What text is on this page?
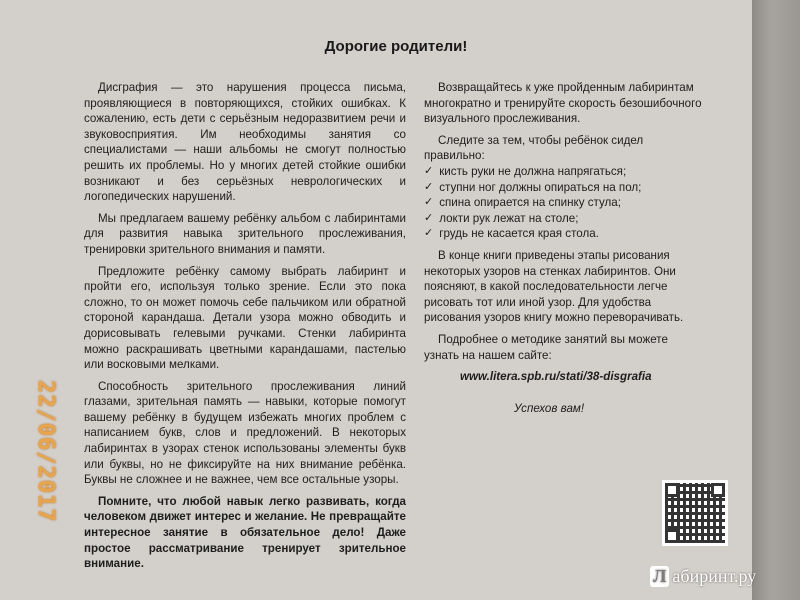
Дорогие родители!

Дисграфия — это нарушения процесса письма, проявляющиеся в повторяющихся, стойких ошибках. К сожалению, есть дети с серьёзным недоразвитием речи и звуковосприятия. Им необходимы занятия со специалистами — наши альбомы не смогут полностью решить их проблемы. Но у многих детей стойкие ошибки возникают и без серьёзных неврологических и логопедических нарушений.

Мы предлагаем вашему ребёнку альбом с лабиринтами для развития навыка зрительного прослеживания, тренировки зрительного внимания и памяти.

Предложите ребёнку самому выбрать лабиринт и пройти его, используя только зрение. Если это пока сложно, то он может помочь себе пальчиком или обратной стороной карандаша. Детали узора можно обводить и дорисовывать гелевыми ручками. Стенки лабиринта можно раскрашивать цветными карандашами, пастелью или восковыми мелками.

Способность зрительного прослеживания линий глазами, зрительная память — навыки, которые помогут вашему ребёнку в будущем избежать многих проблем с написанием букв, слов и предложений. В некоторых лабиринтах в узорах стенок использованы элементы букв или буквы, но не фиксируйте на них внимание ребёнка. Буквы не сложнее и не важнее, чем все остальные узоры.

Помните, что любой навык легко развивать, когда человеком движет интерес и желание. Не превращайте интересное занятие в обязательное дело! Даже простое рассматривание тренирует зрительное внимание.

Возвращайтесь к уже пройденным лабиринтам многократно и тренируйте скорость безошибочного визуального прослеживания.

Следите за тем, чтобы ребёнок сидел правильно:

✓ кисть руки не должна напрягаться;
✓ ступни ног должны опираться на пол;
✓ спина опирается на спинку стула;
✓ локти рук лежат на столе;
✓ грудь не касается края стола.

В конце книги приведены этапы рисования некоторых узоров на стенках лабиринтов. Они поясняют, в какой последовательности легче рисовать тот или иной узор. Для удобства рисования узоров книгу можно переворачивать.

Подробнее о методике занятий вы можете узнать на нашем сайте:

www.litera.spb.ru/stati/38-disgrafia

Успехов вам!

22/06/2017
Л абиринт.ру
